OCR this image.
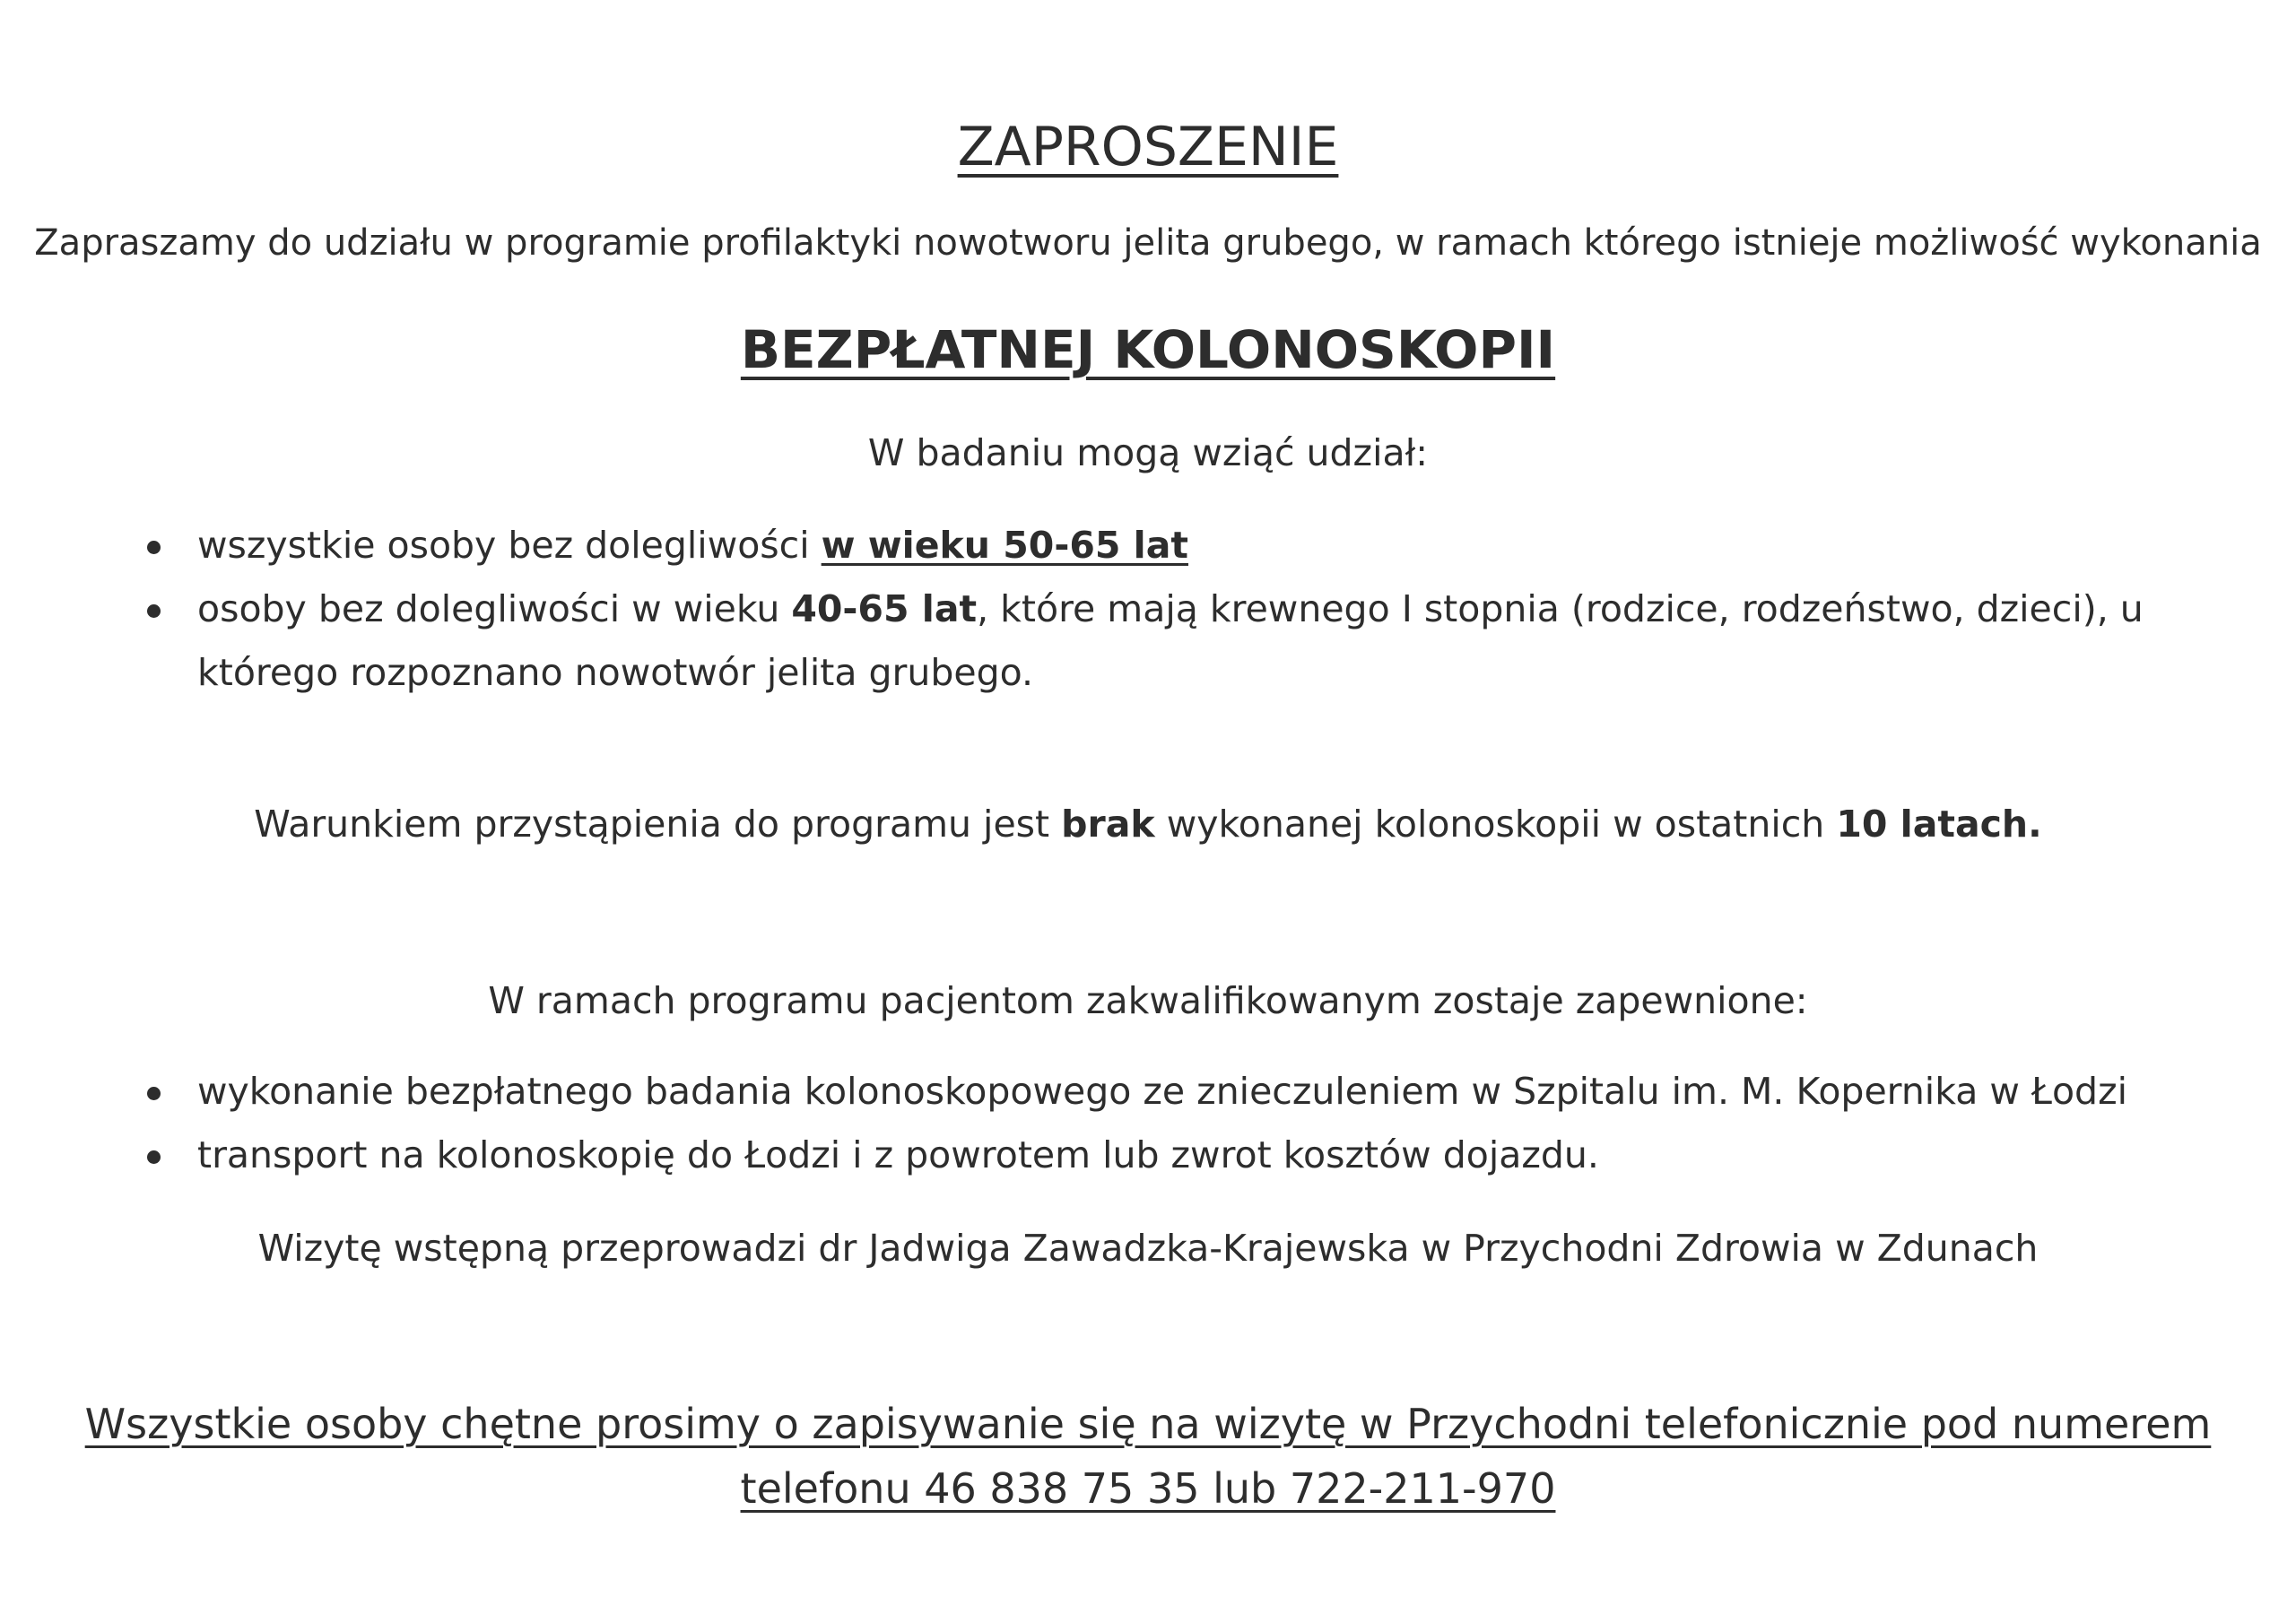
ZAPROSZENIE
Zapraszamy do udziału w programie profilaktyki nowotworu jelita grubego, w ramach którego istnieje możliwość wykonania
BEZPŁATNEJ KOLONOSKOPII
W badaniu mogą wziąć udział:
wszystkie osoby bez dolegliwości w wieku 50-65 lat
osoby bez dolegliwości w wieku 40-65 lat, które mają krewnego I stopnia (rodzice, rodzeństwo, dzieci), u którego rozpoznano nowotwór jelita grubego.
Warunkiem przystąpienia do programu jest brak wykonanej kolonoskopii w ostatnich 10 latach.
W ramach programu pacjentom zakwalifikowanym zostaje zapewnione:
wykonanie bezpłatnego badania kolonoskopowego ze znieczuleniem w Szpitalu im. M. Kopernika w Łodzi
transport na kolonoskopię do Łodzi i z powrotem lub zwrot kosztów dojazdu.
Wizytę wstępną przeprowadzi dr Jadwiga Zawadzka-Krajewska w Przychodni Zdrowia w Zdunach
Wszystkie osoby chętne prosimy o zapisywanie się na wizytę w Przychodni telefonicznie pod numerem
telefonu 46 838 75 35 lub 722-211-970
